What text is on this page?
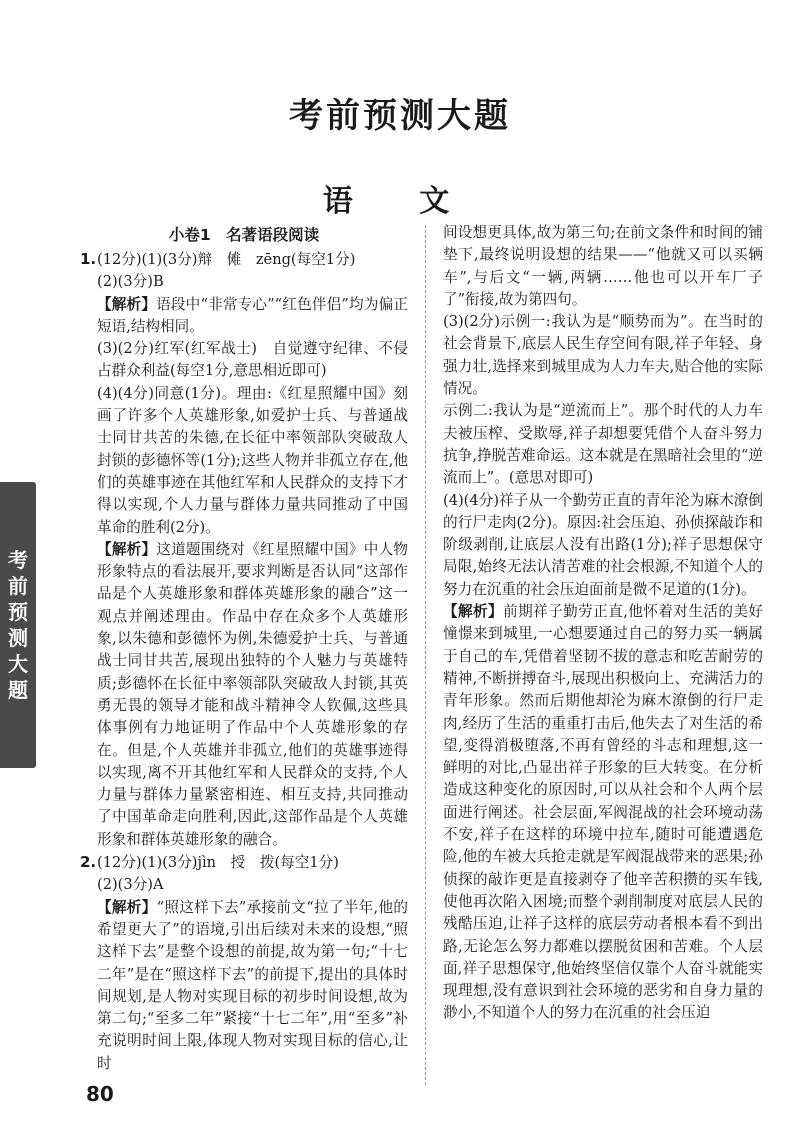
考前预测大题
语 文
考
前
预
测
大
题
小卷1　名著语段阅读
1.(12分)(1)(3分)辩　傩　zēng(每空1分)
(2)(3分)B
【解析】语段中“非常专心”“红色伴侣”均为偏正短语,结构相同。
(3)(2分)红军(红军战士)　自觉遵守纪律、不侵占群众利益(每空1分,意思相近即可)
(4)(4分)同意(1分)。理由:《红星照耀中国》刻画了许多个人英雄形象,如爱护士兵、与普通战士同甘共苦的朱德,在长征中率领部队突破敌人封锁的彭德怀等(1分);这些人物并非孤立存在,他们的英雄事迹在其他红军和人民群众的支持下才得以实现,个人力量与群体力量共同推动了中国革命的胜利(2分)。
【解析】这道题围绕对《红星照耀中国》中人物形象特点的看法展开,要求判断是否认同“这部作品是个人英雄形象和群体英雄形象的融合”这一观点并阐述理由。作品中存在众多个人英雄形象,以朱德和彭德怀为例,朱德爱护士兵、与普通战士同甘共苦,展现出独特的个人魅力与英雄特质;彭德怀在长征中率领部队突破敌人封锁,其英勇无畏的领导才能和战斗精神令人钦佩,这些具体事例有力地证明了作品中个人英雄形象的存在。但是,个人英雄并非孤立,他们的英雄事迹得以实现,离不开其他红军和人民群众的支持,个人力量与群体力量紧密相连、相互支持,共同推动了中国革命走向胜利,因此,这部作品是个人英雄形象和群体英雄形象的融合。
2.(12分)(1)(3分)jìn　授　拨(每空1分)
(2)(3分)A
【解析】“照这样下去”承接前文“拉了半年,他的希望更大了”的语境,引出后续对未来的设想,“照这样下去”是整个设想的前提,故为第一句;“十七二年”是在“照这样下去”的前提下,提出的具体时间规划,是人物对实现目标的初步时间设想,故为第二句;“至多二年”紧接“十七二年”,用“至多”补充说明时间上限,体现人物对实现目标的信心,让时
间设想更具体,故为第三句;在前文条件和时间的铺垫下,最终说明设想的结果——“他就又可以买辆车”,与后文“一辆,两辆……他也可以开车厂子了”衔接,故为第四句。
(3)(2分)示例一:我认为是“顺势而为”。在当时的社会背景下,底层人民生存空间有限,祥子年轻、身强力壮,选择来到城里成为人力车夫,贴合他的实际情况。
示例二:我认为是“逆流而上”。那个时代的人力车夫被压榨、受欺辱,祥子却想要凭借个人奋斗努力抗争,挣脱苦难命运。这本就是在黑暗社会里的“逆流而上”。(意思对即可)
(4)(4分)祥子从一个勤劳正直的青年沦为麻木潦倒的行尸走肉(2分)。原因:社会压迫、孙侦探敲诈和阶级剥削,让底层人没有出路(1分);祥子思想保守局限,始终无法认清苦难的社会根源,不知道个人的努力在沉重的社会压迫面前是微不足道的(1分)。
【解析】前期祥子勤劳正直,他怀着对生活的美好憧憬来到城里,一心想要通过自己的努力买一辆属于自己的车,凭借着坚韧不拔的意志和吃苦耐劳的精神,不断拼搏奋斗,展现出积极向上、充满活力的青年形象。然而后期他却沦为麻木潦倒的行尸走肉,经历了生活的重重打击后,他失去了对生活的希望,变得消极堕落,不再有曾经的斗志和理想,这一鲜明的对比,凸显出祥子形象的巨大转变。在分析造成这种变化的原因时,可以从社会和个人两个层面进行阐述。社会层面,军阀混战的社会环境动荡不安,祥子在这样的环境中拉车,随时可能遭遇危险,他的车被大兵抢走就是军阀混战带来的恶果;孙侦探的敲诈更是直接剥夺了他辛苦积攒的买车钱,使他再次陷入困境;而整个剥削制度对底层人民的残酷压迫,让祥子这样的底层劳动者根本看不到出路,无论怎么努力都难以摆脱贫困和苦难。个人层面,祥子思想保守,他始终坚信仅靠个人奋斗就能实现理想,没有意识到社会环境的恶劣和自身力量的渺小,不知道个人的努力在沉重的社会压迫
80
